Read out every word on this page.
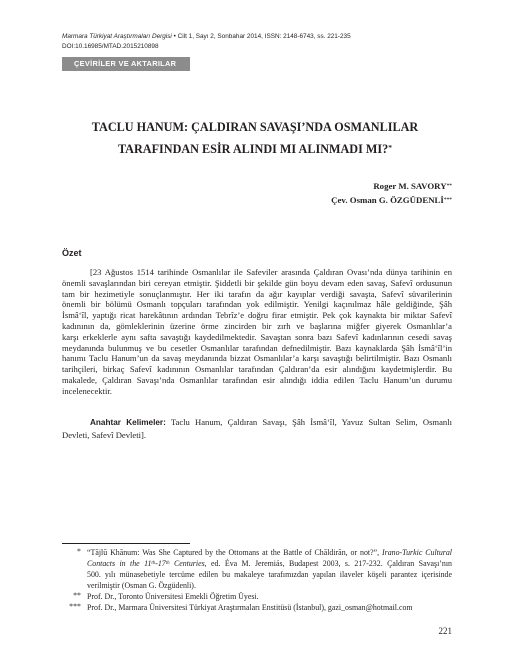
Marmara Türkiyat Araştırmaları Dergisi • Cilt 1, Sayı 2, Sonbahar 2014, ISSN: 2148-6743, ss. 221-235
DOI:10.16985/MTAD.2015210898
ÇEVİRİLER VE AKTARILAR
TACLU HANUM: ÇALDIRAN SAVAŞI’NDA OSMANLILAR
TARAFINDAN ESİR ALINDI MI ALINMADI MI?*
Roger M. SAVORY**
Çev. Osman G. ÖZGÜDENLİ***
Özet
[23 Ağustos 1514 tarihinde Osmanlılar ile Safeviler arasında Çaldıran Ovası’nda dünya tarihinin en
önemli savaşlarından biri cereyan etmiştir. Şiddetli bir şekilde gün boyu devam eden savaş, Safevî ordusunun
tam bir hezimetiyle sonuçlanmıştır. Her iki tarafın da ağır kayıplar verdiği savaşta, Safevî süvarilerinin
önemli bir bölümü Osmanlı topçuları tarafından yok edilmiştir. Yenilgi kaçınılmaz hâle geldiğinde, Şâh
İsmâ‘îl, yaptığı ricat harekâtının ardından Tebrîz’e doğru firar etmiştir. Pek çok kaynakta bir miktar Safevî
kadınının da, gömleklerinin üzerine örme zincirden bir zırh ve başlarına miğfer giyerek Osmanlılar’a
karşı erkeklerle aynı safta savaştığı kaydedilmektedir. Savaştan sonra bazı Safevî kadınlarının cesedi savaş
meydanında bulunmuş ve bu cesetler Osmanlılar tarafından defnedilmiştir. Bazı kaynaklarda Şâh İsmâ‘îl’in
hanımı Taclu Hanum’un da savaş meydanında bizzat Osmanlılar’a karşı savaştığı belirtilmiştir. Bazı Osmanlı
tarihçileri, birkaç Safevî kadınının Osmanlılar tarafından Çaldıran’da esir alındığını kaydetmişlerdir. Bu
makalede, Çaldıran Savaşı’nda Osmanlılar tarafından esir alındığı iddia edilen Taclu Hanum’un durumu
incelenecektir.
Anahtar Kelimeler: Taclu Hanum, Çaldıran Savaşı, Şâh İsmâ‘îl, Yavuz Sultan Selim, Osmanlı
Devleti, Safevî Devleti].
* “Tājlū Khānum: Was She Captured by the Ottomans at the Battle of Chāldirān, or not?”, Irano-Turkic Cultural
Contacts in the 11th-17th Centuries, ed. Éva M. Jeremiás, Budapest 2003, s. 217-232. Çaldıran Savaşı’nın
500. yılı münasebetiyle tercüme edilen bu makaleye tarafımızdan yapılan ilaveler köşeli parantez içerisinde
verilmiştir (Osman G. Özgüdenli).
** Prof. Dr., Toronto Üniversitesi Emekli Öğretim Üyesi.
*** Prof. Dr., Marmara Üniversitesi Türkiyat Araştırmaları Enstitüsü (İstanbul), gazi_osman@hotmail.com
221
